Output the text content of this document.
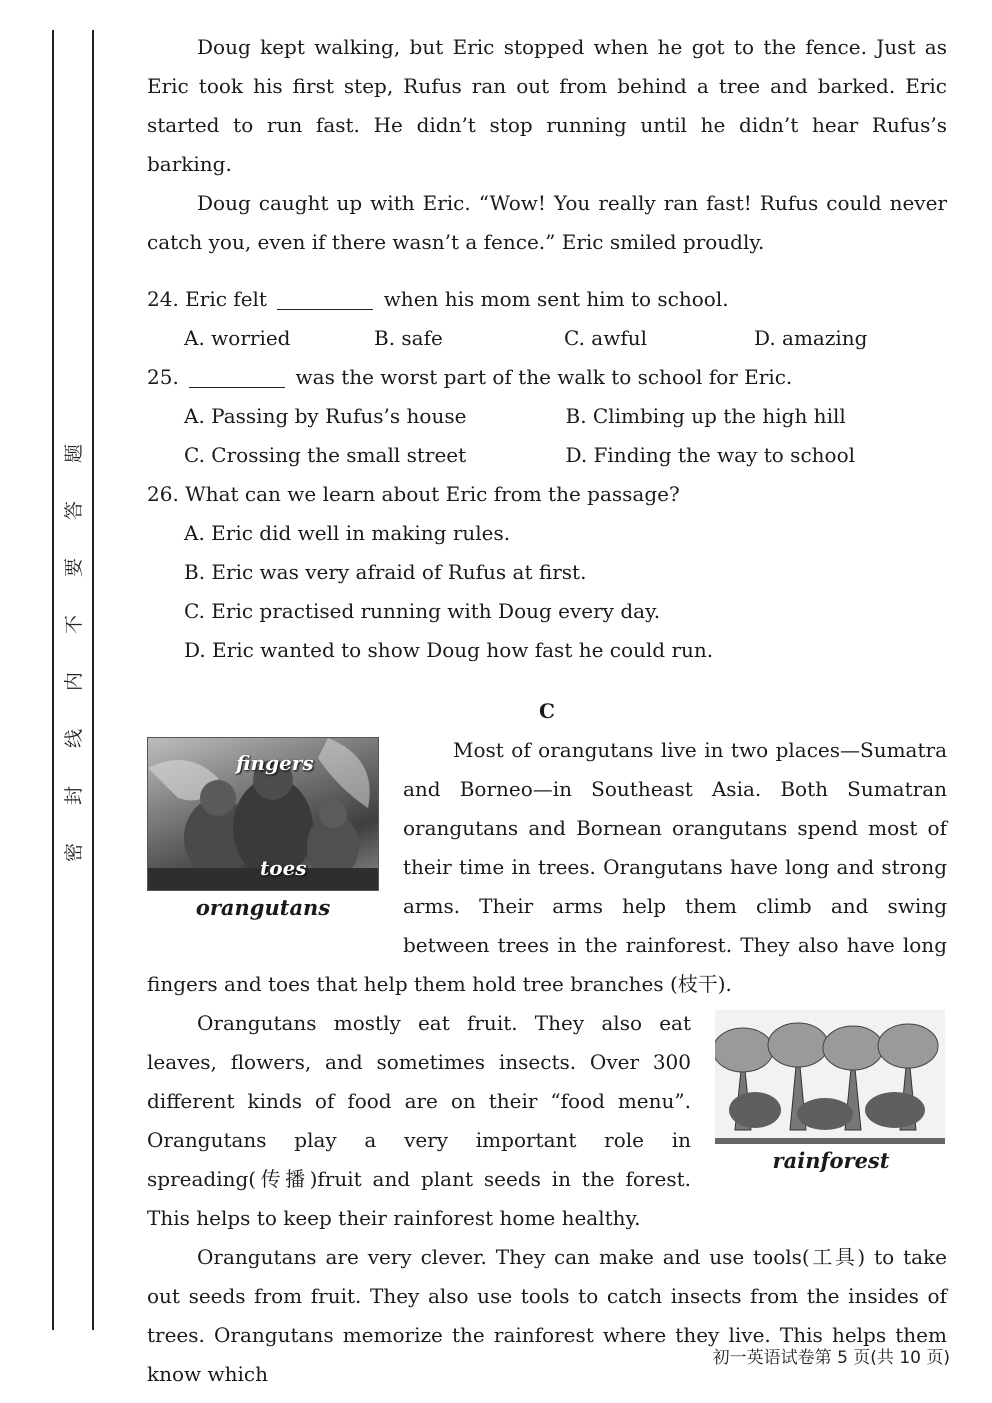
题
答
要
不
内
线
封
密

Doug kept walking, but Eric stopped when he got to the fence. Just as Eric took his first step, Rufus ran out from behind a tree and barked. Eric started to run fast. He didn’t stop running until he didn’t hear Rufus’s barking.

Doug caught up with Eric. “Wow! You really ran fast! Rufus could never catch you, even if there wasn’t a fence.” Eric smiled proudly.

24. Eric felt	when his mom sent him to school.
A. worried	B. safe	C. awful	D. amazing
25.	was the worst part of the walk to school for Eric.
A. Passing by Rufus’s house	B. Climbing up the high hill
C. Crossing the small street	D. Finding the way to school
26. What can we learn about Eric from the passage?
A. Eric did well in making rules.
B. Eric was very afraid of Rufus at first.
C. Eric practised running with Doug every day.
D. Eric wanted to show Doug how fast he could run.

C

fingers
toes
orangutans

Most of orangutans live in two places—Sumatra and Borneo—in Southeast Asia. Both Sumatran orangutans and Bornean orangutans spend most of their time in trees. Orangutans have long and strong arms. Their arms help them climb and swing between trees in the rainforest. They also have long fingers and toes that help them hold tree branches (枝干).

rainforest

Orangutans mostly eat fruit. They also eat leaves, flowers, and sometimes insects. Over 300 different kinds of food are on their “food menu”. Orangutans play a very important role in spreading(传播)fruit and plant seeds in the forest. This helps to keep their rainforest home healthy.

Orangutans are very clever. They can make and use tools(工具) to take out seeds from fruit. They also use tools to catch insects from the insides of trees. Orangutans memorize the rainforest where they live. This helps them know which

初一英语试卷第 5 页(共 10 页)
